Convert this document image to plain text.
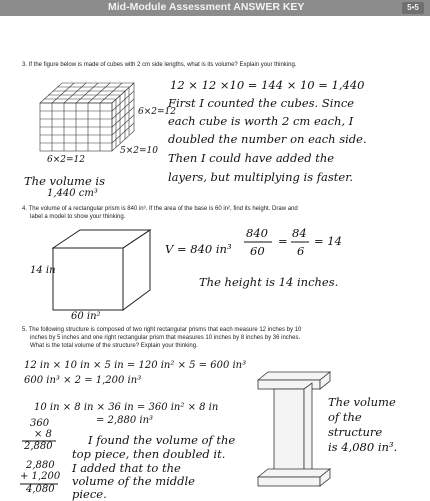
Mid-Module Assessment ANSWER KEY	5•5
3. If the figure below is made of cubes with 2 cm side lengths, what is its volume? Explain your thinking.
6×2=12
5×2=10
6×2=12
The volume is
1,440 cm³
12 × 12 ×10 = 144 × 10 = 1,440
First I counted the cubes. Since
each cube is worth 2 cm each, I
doubled the number on each side.
Then I could have added the
layers, but multiplying is faster.
4. The volume of a rectangular prism is 840 in³. If the area of the base is 60 in², find its height. Draw and
label a model to show your thinking.
14 in
60 in²
V = 840 in³
840
60
=
84
6
= 14
The height is 14 inches.
5. The following structure is composed of two right rectangular prisms that each measure 12 inches by 10
inches by 5 inches and one right rectangular prism that measures 10 inches by 8 inches by 36 inches.
What is the total volume of the structure? Explain your thinking.
12 in × 10 in × 5 in = 120 in² × 5 = 600 in³
600 in³ × 2 = 1,200 in³
10 in × 8 in × 36 in = 360 in² × 8 in
= 2,880 in³
360
× 8
2,880
2,880
+ 1,200
4,080
I found the volume of the
top piece, then doubled it.
I added that to the
volume of the middle
piece.
The volume
of the
structure
is 4,080 in³.
